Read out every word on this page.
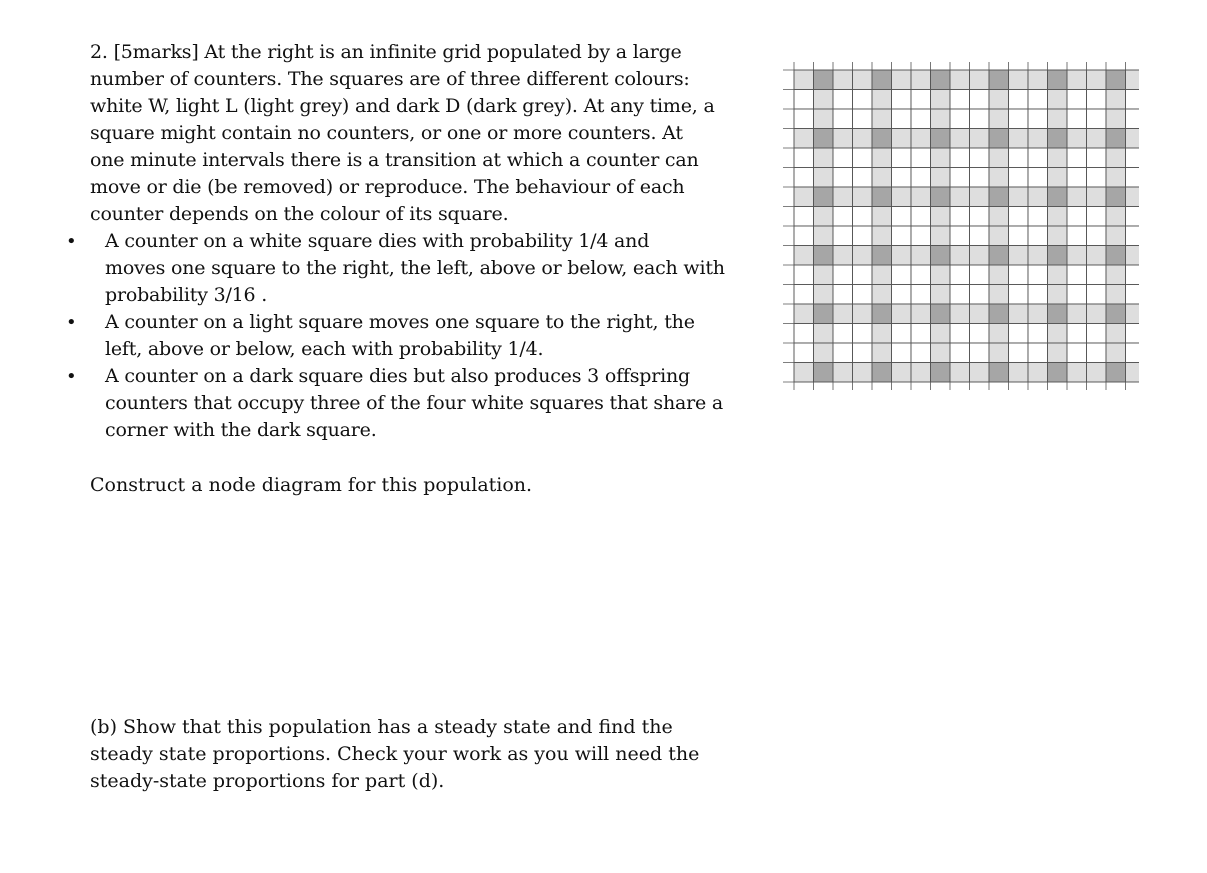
2. [5marks] At the right is an infinite grid populated by a large
number of counters. The squares are of three different colours:
white W, light L (light grey) and dark D (dark grey). At any time, a
square might contain no counters, or one or more counters. At
one minute intervals there is a transition at which a counter can
move or die (be removed) or reproduce. The behaviour of each
counter depends on the colour of its square.

• A counter on a white square dies with probability 1/4 and
moves one square to the right, the left, above or below, each with
probability 3/16 .
• A counter on a light square moves one square to the right, the
left, above or below, each with probability 1/4.
• A counter on a dark square dies but also produces 3 offspring
counters that occupy three of the four white squares that share a
corner with the dark square.

Construct a node diagram for this population.

(b) Show that this population has a steady state and find the
steady state proportions. Check your work as you will need the
steady-state proportions for part (d).
